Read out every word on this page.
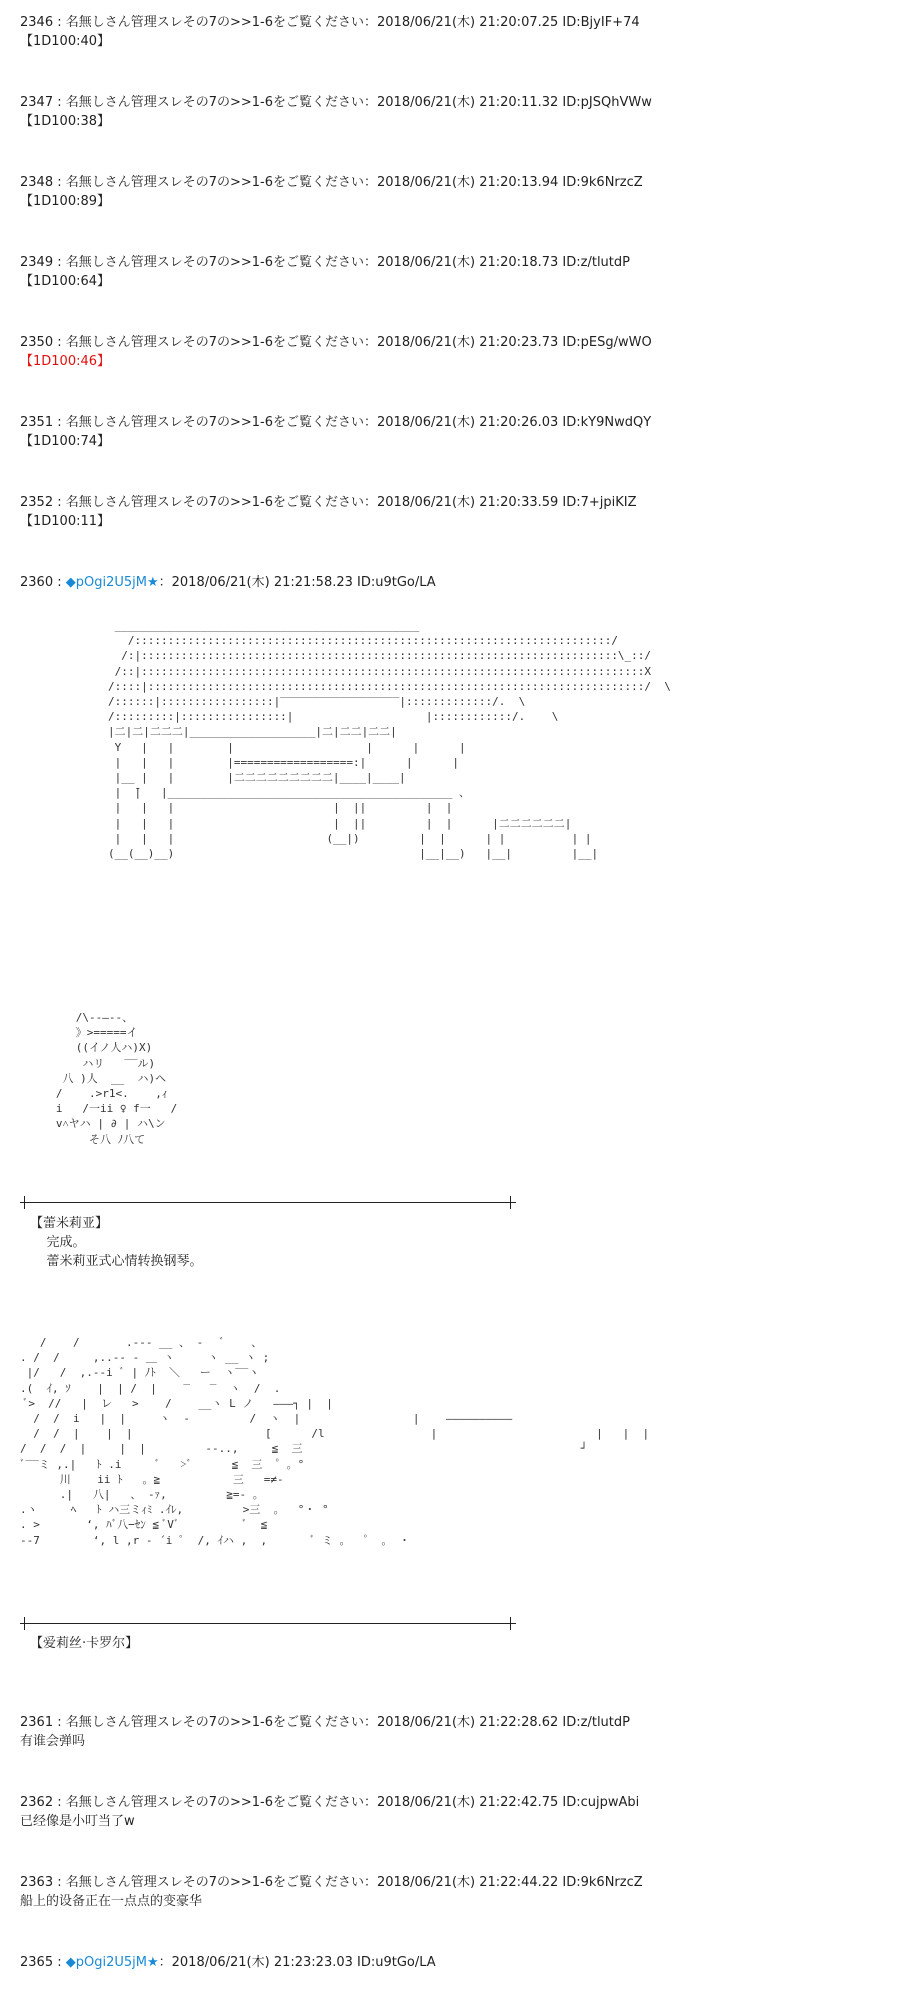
2346 : 名無しさん管理スレその7の>>1-6をご覧ください：2018/06/21(木) 21:20:07.25 ID:BjyIF+74
【1D100:40】
2347 : 名無しさん管理スレその7の>>1-6をご覧ください：2018/06/21(木) 21:20:11.32 ID:pJSQhVWw
【1D100:38】
2348 : 名無しさん管理スレその7の>>1-6をご覧ください：2018/06/21(木) 21:20:13.94 ID:9k6NrzcZ
【1D100:89】
2349 : 名無しさん管理スレその7の>>1-6をご覧ください：2018/06/21(木) 21:20:18.73 ID:z/tlutdP
【1D100:64】
2350 : 名無しさん管理スレその7の>>1-6をご覧ください：2018/06/21(木) 21:20:23.73 ID:pESg/wWO
【1D100:46】
2351 : 名無しさん管理スレその7の>>1-6をご覧ください：2018/06/21(木) 21:20:26.03 ID:kY9NwdQY
【1D100:74】
2352 : 名無しさん管理スレその7の>>1-6をご覧ください：2018/06/21(木) 21:20:33.59 ID:7+jpiKIZ
【1D100:11】
2360 : ◆pOgi2U5jM★：2018/06/21(木) 21:21:58.23 ID:u9tGo/LA
______________________________________________
/::::::::::::::::::::::::::::::::::::::::::::::::::::::::::::::::::::::::/
/:|::::::::::::::::::::::::::::::::::::::::::::::::::::::::::::::::::::::::\_::/
/::|::::::::::::::::::::::::::::::::::::::::::::::::::::::::::::::::::::::::::::X
/::::|:::::::::::::::::::::::::::::::::::::::::::::::::::::::::::::::::::::::::::/  \
/::::::|:::::::::::::::::|‾‾‾‾‾‾‾‾‾‾‾‾‾‾‾‾‾‾|:::::::::::::/.  \
/:::::::::|::::::::::::::::|                    |::::::::::::/.    \
|二|二|二二二|___________________|二|二二|二二|
Y   |   |        |                    |      |      |
|   |   |        |==================:|      |      |
|__ |   |        |二二二二二二二二二|____|____|
|  ̄|   |___________________________________________ 、
|   |   |                        |  ||         |  |
|   |   |                        |  ||         |  |      |二二二二二二|
|   |   |                       (__|)         |  |      | |          | |
(__(__)__)                                     |__|__)   |__|         |__|
/\-‐―‐-、
》>=====イ
((イノ人ハ)X)
ハリ   ‾‾ル)
八 )人  __  ハ)ヘ
/    .>r1<.    ,ｨ
i   /一ii ♀ f一   /
v˄ヤハ | ∂ | ハ\ン
そ八 ﾉ八て
【蕾米莉亚】
完成。
蕾米莉亚式心情转换钢琴。
/    /       .‐‐‐ __ 、 ‐   ﾞ    、
. /  /     ,..-‐ ‐ ＿ ヽ     ヽ __ ヽ ;
|/   /  ,.-‐i ﾞ | ﾉﾄ  ＼   ー  ヽ‾‾ヽ
.(  ｲ, ｿ    |  | /  |    ‾   ‾  ヽ  /  .
ﾞ>  //   |  レ   >    /    __ヽ L ノ   ―――┐ |  |
/  /  i   |  |     ヽ  ‐         /  ヽ  |                 |    ――――――――――
/  /  |    |  |                    [      /l                |                        |   |  |
/  /  /  |     |  |         ‐-..,     ≦  三                                          ┘
ﾞ‾‾ミ ,.|   ﾄ .i     ﾞ   >ﾞ      ≦  三  ゜。°
川    ii ﾄ   。≧           三   =≠-
.|   八|   、 -ｧ,         ≧=- 。
.ヽ     ﾍ   ﾄ ハ三ミｨﾐ .ｲﾚ,         >三  。  °・ °
. >       ‘, ﾊﾞ八−ｾﾝ ≦ ﾞVﾞ          ﾞ  ≦
--7        ‘, l ,r ‐ ´i ﾟ  /, ｲハ ,  ,       ﾞ ミ 。  ゜ 。 ・
【爱莉丝·卡罗尔】
2361 : 名無しさん管理スレその7の>>1-6をご覧ください：2018/06/21(木) 21:22:28.62 ID:z/tlutdP
有谁会弹吗
2362 : 名無しさん管理スレその7の>>1-6をご覧ください：2018/06/21(木) 21:22:42.75 ID:cujpwAbi
已经像是小叮当了w
2363 : 名無しさん管理スレその7の>>1-6をご覧ください：2018/06/21(木) 21:22:44.22 ID:9k6NrzcZ
船上的设备正在一点点的变豪华
2365 : ◆pOgi2U5jM★：2018/06/21(木) 21:23:23.03 ID:u9tGo/LA
